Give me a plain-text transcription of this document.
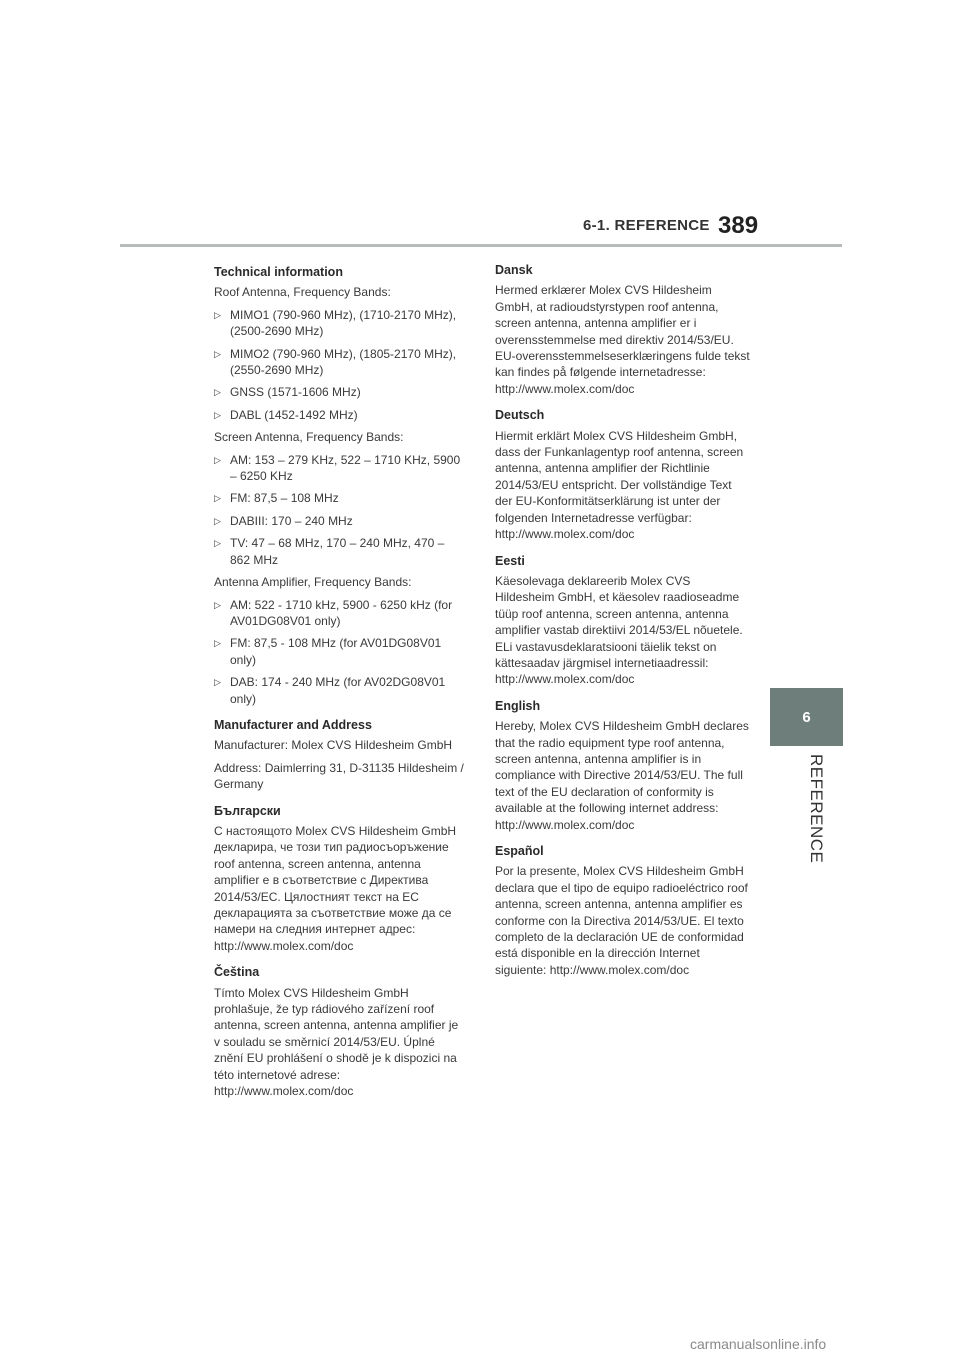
6-1. REFERENCE 389
6
REFERENCE
Technical information

Roof Antenna, Frequency Bands:

▷ MIMO1 (790-960 MHz), (1710-2170 MHz), (2500-2690 MHz)
▷ MIMO2 (790-960 MHz), (1805-2170 MHz), (2550-2690 MHz)
▷ GNSS (1571-1606 MHz)
▷ DABL (1452-1492 MHz)

Screen Antenna, Frequency Bands:

▷ AM: 153 – 279 KHz, 522 – 1710 KHz, 5900 – 6250 KHz
▷ FM: 87,5 – 108 MHz
▷ DABIII: 170 – 240 MHz
▷ TV: 47 – 68 MHz, 170 – 240 MHz, 470 – 862 MHz

Antenna Amplifier, Frequency Bands:

▷ AM: 522 - 1710 kHz, 5900 - 6250 kHz (for AV01DG08V01 only)
▷ FM: 87,5 - 108 MHz (for AV01DG08V01 only)
▷ DAB: 174 - 240 MHz (for AV02DG08V01 only)
Manufacturer and Address

Manufacturer: Molex CVS Hildesheim GmbH

Address: Daimlerring 31, D-31135 Hildesheim / Germany

Български

С настоящото Molex CVS Hildesheim GmbH декларира, че този тип радиосъоръжение roof antenna, screen antenna, antenna amplifier е в съответствие с Директива 2014/53/ЕС. Цялостният текст на ЕС декларацията за съответствие може да се намери на следния интернет адрес: http://www.molex.com/doc

Čeština

Tímto Molex CVS Hildesheim GmbH prohlašuje, že typ rádiového zařízení roof antenna, screen antenna, antenna amplifier je v souladu se směrnicí 2014/53/EU. Úplné znění EU prohlášení o shodě je k dispozici na této internetové adrese: http://www.molex.com/doc

Dansk

Hermed erklærer Molex CVS Hildesheim GmbH, at radioudstyrstypen roof antenna, screen antenna, antenna amplifier er i overensstemmelse med direktiv 2014/53/EU. EU-overensstemmelseserklæringens fulde tekst kan findes på følgende internetadresse: http://www.molex.com/doc

Deutsch

Hiermit erklärt Molex CVS Hildesheim GmbH, dass der Funkanlagentyp roof antenna, screen antenna, antenna amplifier der Richtlinie 2014/53/EU entspricht. Der vollständige Text der EU-Konformitätserklärung ist unter der folgenden Internetadresse verfügbar: http://www.molex.com/doc

Eesti

Käesolevaga deklareerib Molex CVS Hildesheim GmbH, et käesolev raadioseadme tüüp roof antenna, screen antenna, antenna amplifier vastab direktiivi 2014/53/EL nõuetele. ELi vastavusdeklaratsiooni täielik tekst on kättesaadav järgmisel internetiaadressil: http://www.molex.com/doc

English

Hereby, Molex CVS Hildesheim GmbH declares that the radio equipment type roof antenna, screen antenna, antenna amplifier is in compliance with Directive 2014/53/EU. The full text of the EU declaration of conformity is available at the following internet address: http://www.molex.com/doc

Español

Por la presente, Molex CVS Hildesheim GmbH declara que el tipo de equipo radioeléctrico roof antenna, screen antenna, antenna amplifier es conforme con la Directiva 2014/53/UE. El texto completo de la declaración UE de conformidad está disponible en la dirección Internet siguiente: http://www.molex.com/doc

carmanualsonline.info
